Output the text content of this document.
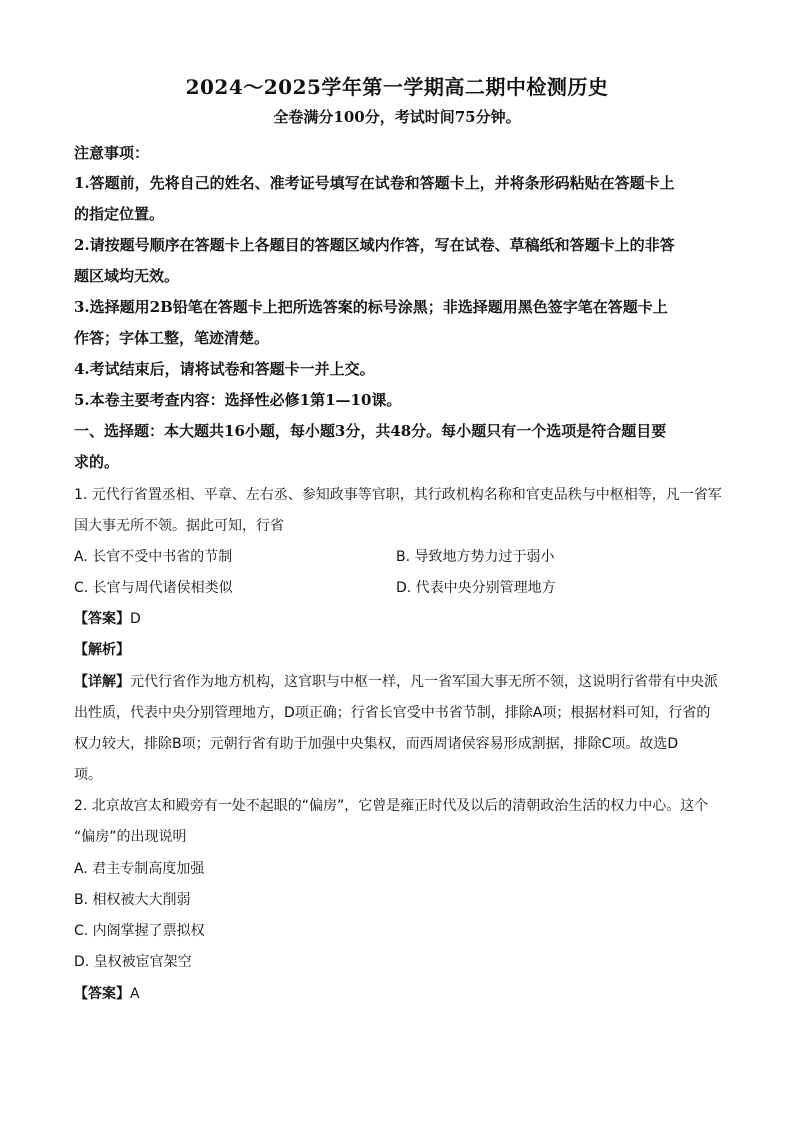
2024～2025学年第一学期高二期中检测历史
全卷满分100分，考试时间75分钟。
注意事项：
1.答题前，先将自己的姓名、准考证号填写在试卷和答题卡上，并将条形码粘贴在答题卡上
的指定位置。
2.请按题号顺序在答题卡上各题目的答题区域内作答，写在试卷、草稿纸和答题卡上的非答
题区域均无效。
3.选择题用2B铅笔在答题卡上把所选答案的标号涂黑；非选择题用黑色签字笔在答题卡上
作答；字体工整，笔迹清楚。
4.考试结束后，请将试卷和答题卡一并上交。
5.本卷主要考查内容：选择性必修1第1—10课。
一、选择题：本大题共16小题，每小题3分，共48分。每小题只有一个选项是符合题目要
求的。
1. 元代行省置丞相、平章、左右丞、参知政事等官职，其行政机构名称和官吏品秩与中枢相等，凡一省军
国大事无所不领。据此可知，行省
A. 长官不受中书省的节制	B. 导致地方势力过于弱小
C. 长官与周代诸侯相类似	D. 代表中央分别管理地方
【答案】D
【解析】
【详解】元代行省作为地方机构，这官职与中枢一样，凡一省军国大事无所不领，这说明行省带有中央派
出性质，代表中央分别管理地方，D项正确；行省长官受中书省节制，排除A项；根据材料可知，行省的
权力较大，排除B项；元朝行省有助于加强中央集权，而西周诸侯容易形成割据，排除C项。故选D
项。
2. 北京故宫太和殿旁有一处不起眼的“偏房”，它曾是雍正时代及以后的清朝政治生活的权力中心。这个
“偏房”的出现说明
A. 君主专制高度加强
B. 相权被大大削弱
C. 内阁掌握了票拟权
D. 皇权被宦官架空
【答案】A
